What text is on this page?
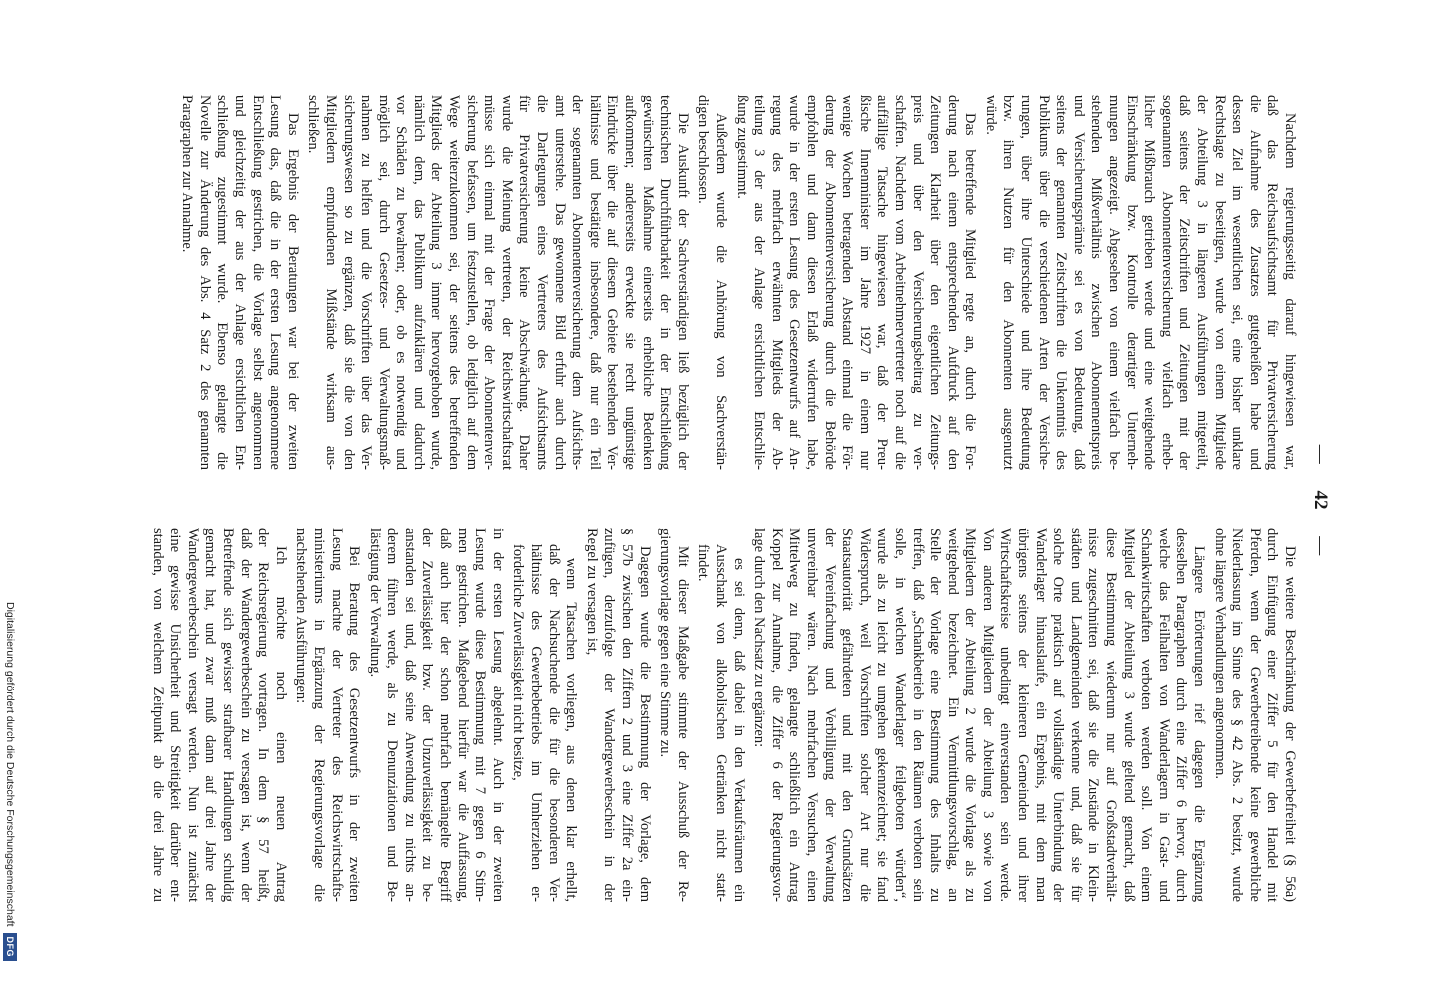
— 42 —
Nachdem regierungsseitig darauf hingewiesen war,
daß das Reichsaufsichtsamt für Privatversicherung
die Aufnahme des Zusatzes gutgeheißen habe und
dessen Ziel im wesentlichen sei, eine bisher unklare
Rechtslage zu beseitigen, wurde von einem Mitgliede
der Abteilung 3 in längeren Ausführungen mitgeteilt,
daß seitens der Zeitschriften und Zeitungen mit der
sogenannten Abonnentenversicherung vielfach erheb-
licher Mißbrauch getrieben werde und eine weitgehende
Einschränkung bzw. Kontrolle derartiger Unterneh-
mungen angezeigt. Abgesehen von einem vielfach be-
stehenden Mißverhältnis zwischen Abonnementspreis
und Versicherungsprämie sei es von Bedeutung, daß
seitens der genannten Zeitschriften die Unkenntnis des
Publikums über die verschiedenen Arten der Versiche-
rungen, über ihre Unterschiede und ihre Bedeutung
bzw. ihren Nutzen für den Abonnenten ausgenutzt
würde.
Das betreffende Mitglied regte an, durch die For-
derung nach einem entsprechenden Aufdruck auf den
Zeitungen Klarheit über den eigentlichen Zeitungs-
preis und über den Versicherungsbeitrag zu ver-
schaffen. Nachdem vom Arbeitnehmervertreter noch auf die
auffällige Tatsache hingewiesen war, daß der Preu-
ßische Innenminister im Jahre 1927 in einem nur
wenige Wochen betragenden Abstand einmal die För-
derung der Abonnentenversicherung durch die Behörde
empfohlen und dann diesen Erlaß widerrufen habe,
wurde in der ersten Lesung des Gesetzentwurfs auf An-
regung des mehrfach erwähnten Mitglieds der Ab-
teilung 3 der aus der Anlage ersichtlichen Entschlie-
ßung zugestimmt.
Außerdem wurde die Anhörung von Sachverstän-
digen beschlossen.
Die Auskunft der Sachverständigen ließ bezüglich der
technischen Durchführbarkeit der in der Entschließung
gewünschten Maßnahme einerseits erhebliche Bedenken
aufkommen; andererseits erweckte sie recht ungünstige
Eindrücke über die auf diesem Gebiete bestehenden Ver-
hältnisse und bestätigte insbesondere, daß nur ein Teil
der sogenannten Abonnentenversicherung dem Aufsichts-
amt unterstehe. Das gewonnene Bild erfuhr auch durch
die Darlegungen eines Vertreters des Aufsichtsamts
für Privatversicherung keine Abschwächung. Daher
wurde die Meinung vertreten, der Reichswirtschaftsrat
müsse sich einmal mit der Frage der Abonnentenver-
sicherung befassen, um festzustellen, ob lediglich auf dem
Wege weiterzukommen sei, der seitens des betreffenden
Mitglieds der Abteilung 3 immer hervorgehoben wurde,
nämlich dem, das Publikum aufzuklären und dadurch
vor Schäden zu bewahren; oder, ob es notwendig und
möglich sei, durch Gesetzes- und Verwaltungsmaß-
nahmen zu helfen und die Vorschriften über das Ver-
sicherungswesen so zu ergänzen, daß sie die von den
Mitgliedern empfundenen Mißstände wirksam aus-
schließen.
Das Ergebnis der Beratungen war bei der zweiten
Lesung das, daß die in der ersten Lesung angenommene
Entschließung gestrichen, die Vorlage selbst angenommen
und gleichzeitig der aus der Anlage ersichtlichen Ent-
schließung zugestimmt wurde. Ebenso gelangte die
Novelle zur Änderung des Abs. 4 Satz 2 des genannten
Paragraphen zur Annahme.
Die weitere Beschränkung der Gewerbefreiheit (§ 56a)
durch Einfügung einer Ziffer 5 für den Handel mit
Pferden, wenn der Gewerbetreibende keine gewerbliche
Niederlassung im Sinne des § 42 Abs. 2 besitzt, wurde
ohne längere Verhandlungen angenommen.
Längere Erörterungen rief dagegen die Ergänzung
desselben Paragraphen durch eine Ziffer 6 hervor, durch
welche das Feilhalten von Wanderlagern in Gast- und
Schankwirtschaften verboten werden soll. Von einem
Mitglied der Abteilung 3 wurde geltend gemacht, daß
diese Bestimmung wiederum nur auf Großstadtverhält-
nisse zugeschnitten sei, daß sie die Zustände in Klein-
städten und Landgemeinden verkenne und, daß sie für
solche Orte praktisch auf vollständige Unterbindung der
Wanderlager hinauslaufe, ein Ergebnis, mit dem man
übrigens seitens der kleineren Gemeinden und ihrer
Wirtschaftskreise unbedingt einverstanden sein werde.
Von anderen Mitgliedern der Abteilung 3 sowie von
Mitgliedern der Abteilung 2 wurde die Vorlage als zu
weitgehend bezeichnet. Ein Vermittlungsvorschlag, an
Stelle der Vorlage eine Bestimmung des Inhalts zu
treffen, daß „Schankbetrieb in den Räumen verboten sein
solle, in welchen Wanderlager feilgeboten würden“,
wurde als zu leicht zu umgehen gekennzeichnet; sie fand
Widerspruch, weil Vorschriften solcher Art nur die
Staatsautorität gefährdeten und mit den Grundsätzen
der Vereinfachung und Verbilligung der Verwaltung
unvereinbar wären. Nach mehrfachen Versuchen, einen
Mittelweg zu finden, gelangte schließlich ein Antrag
Koppel zur Annahme, die Ziffer 6 der Regierungsvor-
lage durch den Nachsatz zu ergänzen:
es sei denn, daß dabei in den Verkaufsräumen ein
Ausschank von alkoholischen Getränken nicht statt-
findet.
Mit dieser Maßgabe stimmte der Ausschuß der Re-
gierungsvorlage gegen eine Stimme zu.
Dagegen wurde die Bestimmung der Vorlage, dem
§ 57b zwischen den Ziffern 2 und 3 eine Ziffer 2a ein-
zufügen, derzufolge der Wandergewerbeschein in der
Regel zu versagen ist,
wenn Tatsachen vorliegen, aus denen klar erhellt,
daß der Nachsuchende die für die besonderen Ver-
hältnisse des Gewerbebetriebs im Umherziehen er-
forderliche Zuverlässigkeit nicht besitze,
in der ersten Lesung abgelehnt. Auch in der zweiten
Lesung wurde diese Bestimmung mit 7 gegen 6 Stim-
men gestrichen. Maßgebend hierfür war die Auffassung,
daß auch hier der schon mehrfach bemängelte Begriff
der Zuverlässigkeit bzw. der Unzuverlässigkeit zu be-
anstanden sei und, daß seine Anwendung zu nichts an-
derem führen werde, als zu Denunziationen und Be-
lästigung der Verwaltung.
Bei Beratung des Gesetzentwurfs in der zweiten
Lesung machte der Vertreter des Reichswirtschafts-
ministeriums in Ergänzung der Regierungsvorlage die
nachstehenden Ausführungen:
Ich möchte noch einen neuen Antrag
der Reichsregierung vortragen. In dem § 57 heißt,
daß der Wandergewerbeschein zu versagen ist, wenn der
Betreffende sich gewisser strafbarer Handlungen schuldig
gemacht hat, und zwar muß dann auf drei Jahre der
Wandergewerbeschein versagt werden. Nun ist zunächst
eine gewisse Unsicherheit und Streitigkeit darüber ent-
standen, von welchem Zeitpunkt ab die drei Jahre zu
Digitalisierung gefördert durch die Deutsche Forschungsgemeinschaft
DFG
